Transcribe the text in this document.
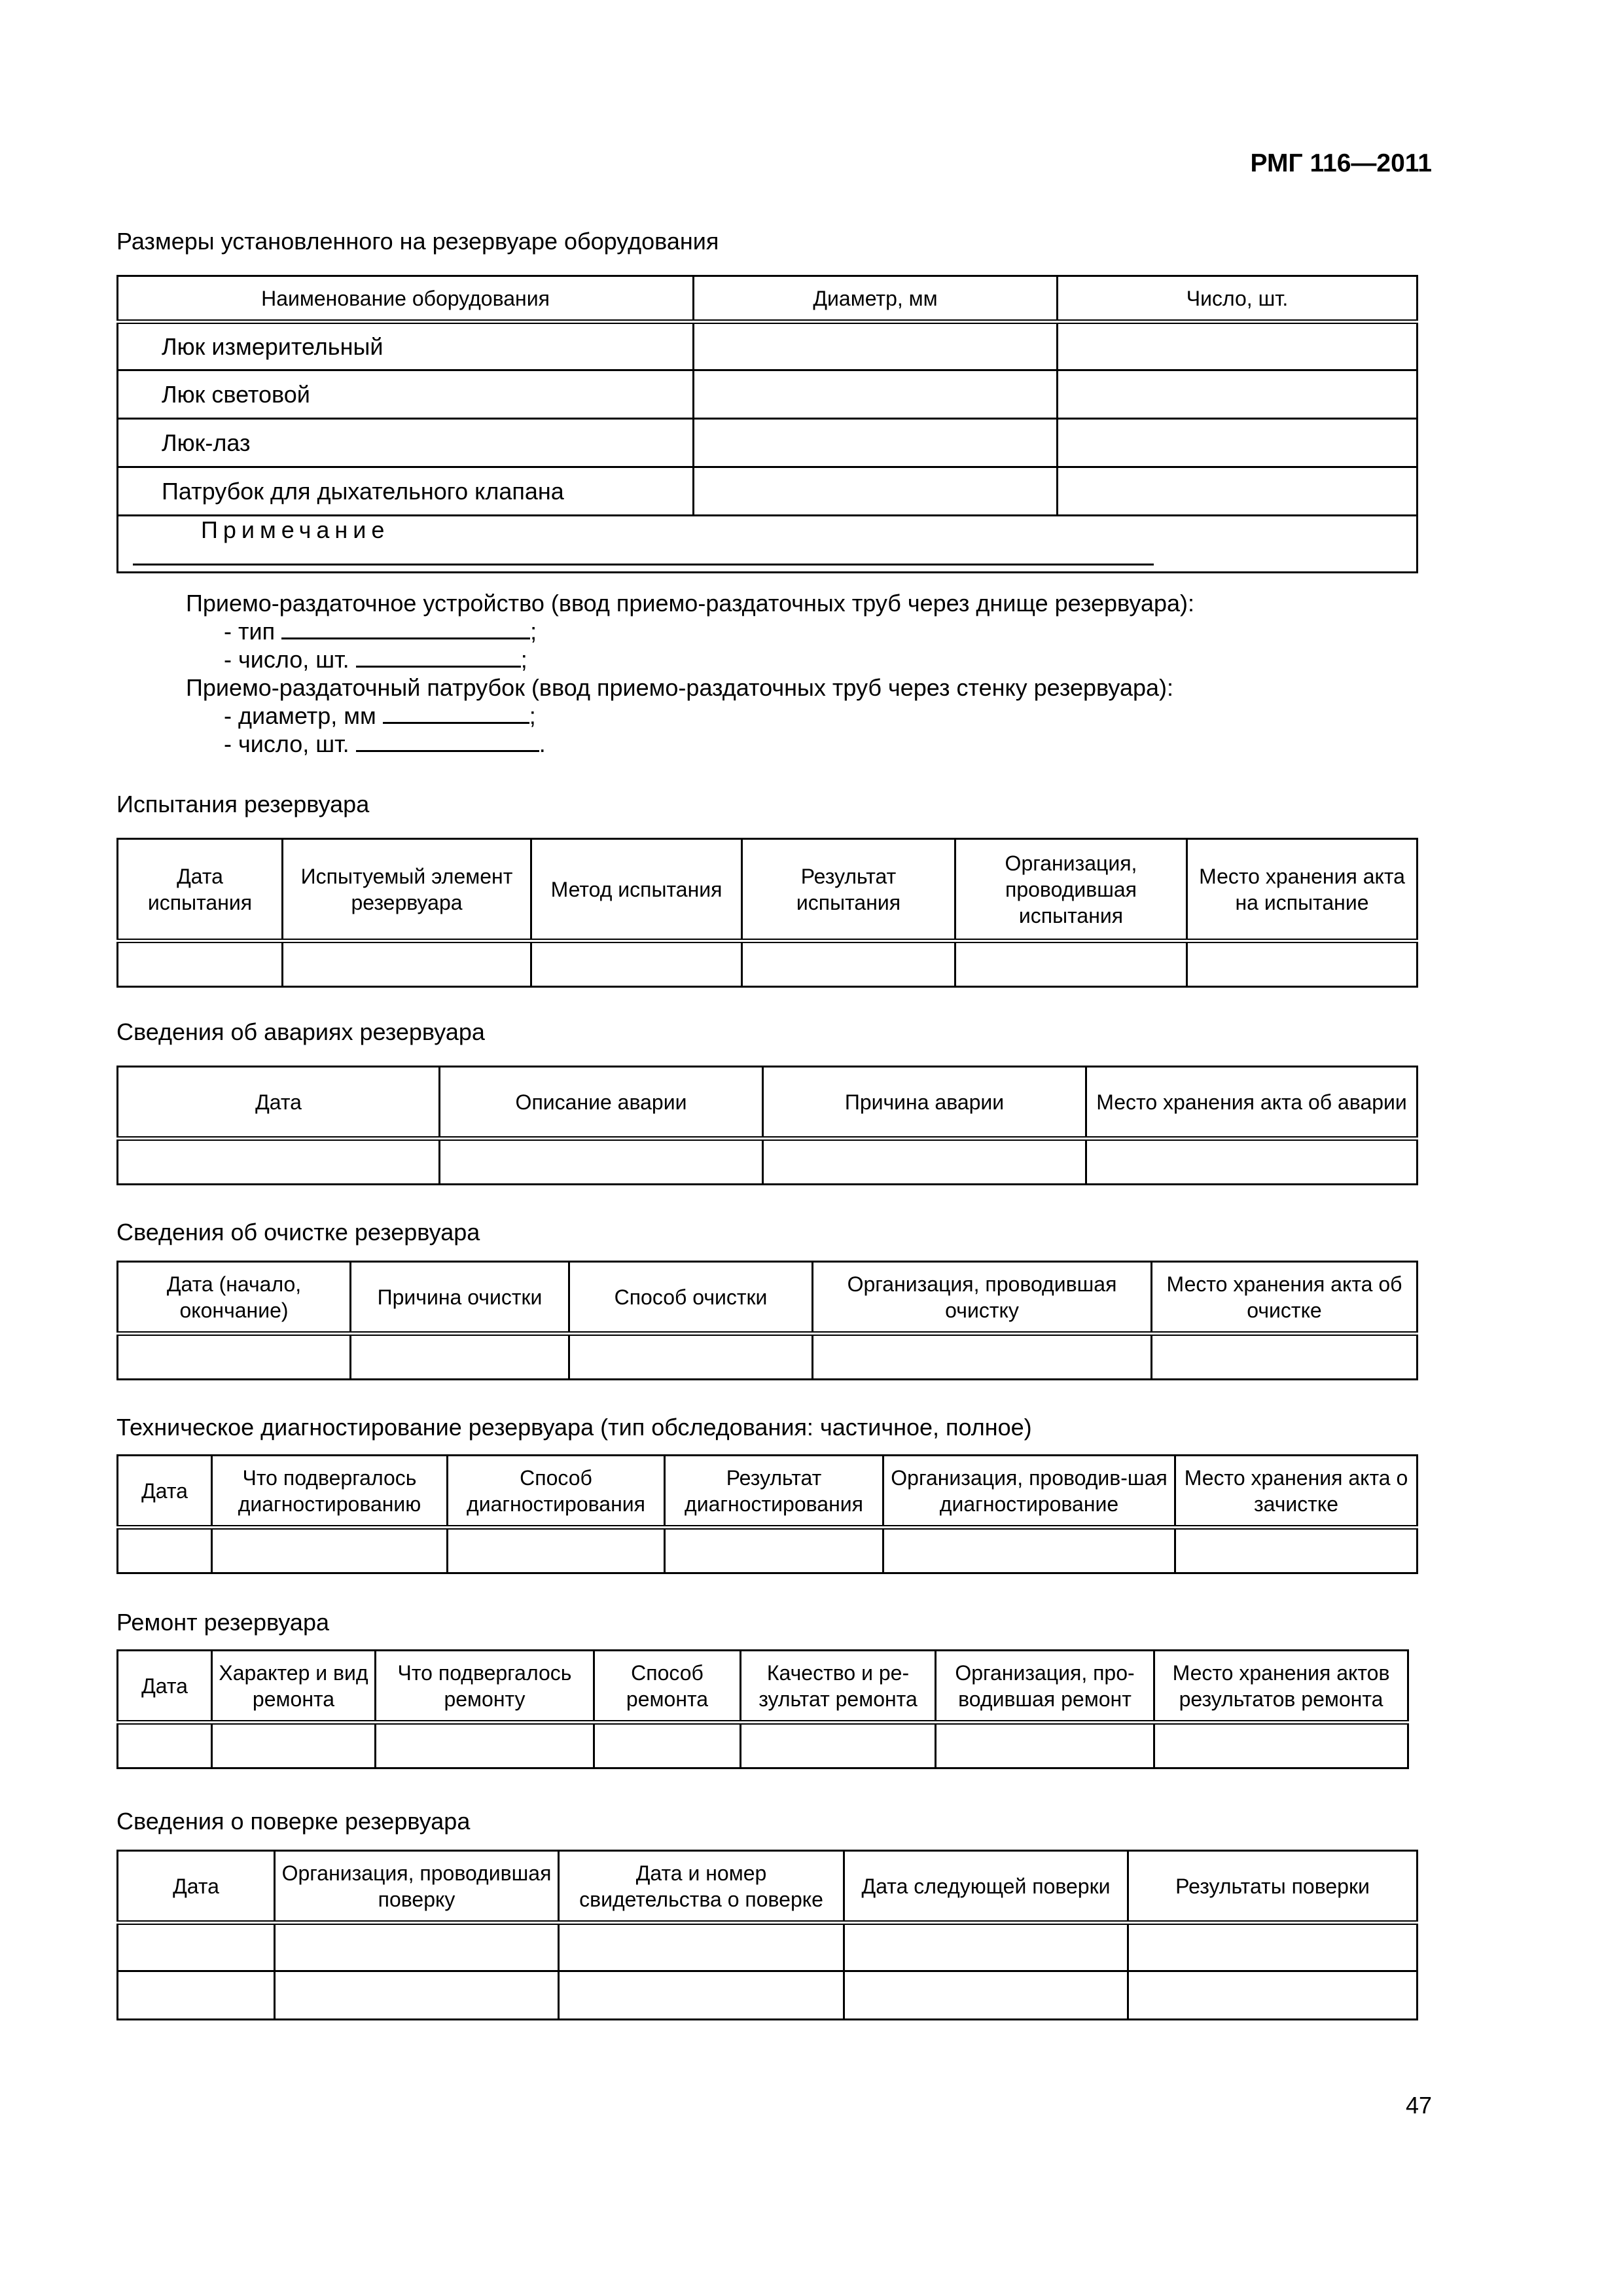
РМГ 116—2011
Размеры установленного на резервуаре оборудования
Наименование оборудования	Диаметр, мм	Число, шт.
Люк измерительный		
Люк световой		
Люк-лаз		
Патрубок для дыхательного клапана		
Примечание		
Приемо-раздаточное устройство (ввод приемо-раздаточных труб через днище резервуара):
- тип	;
- число, шт.	;
Приемо-раздаточный патрубок (ввод приемо-раздаточных труб через стенку резервуара):
- диаметр, мм	;
- число, шт.	.
Испытания резервуара
Дата испытания	Испытуемый элемент резервуара	Метод испытания	Результат испытания	Организация, проводившая испытания	Место хранения акта на испытание

Сведения об авариях резервуара
Дата	Описание аварии	Причина аварии	Место хранения акта об аварии

Сведения об очистке резервуара
Дата (начало, окончание)	Причина очистки	Способ очистки	Организация, проводившая очистку	Место хранения акта об очистке

Техническое диагностирование резервуара (тип обследования: частичное, полное)
Дата	Что подвергалось диагностированию	Способ диагностирования	Результат диагностирования	Организация, проводив-шая диагностирование	Место хранения акта о зачистке

Ремонт резервуара
Дата	Характер и вид ремонта	Что подвергалось ремонту	Способ ремонта	Качество и ре-зультат ремонта	Организация, про-водившая ремонт	Место хранения актов результатов ремонта

Сведения о поверке резервуара
Дата	Организация, проводившая поверку	Дата и номер свидетельства о поверке	Дата следующей поверки	Результаты поверки

47
